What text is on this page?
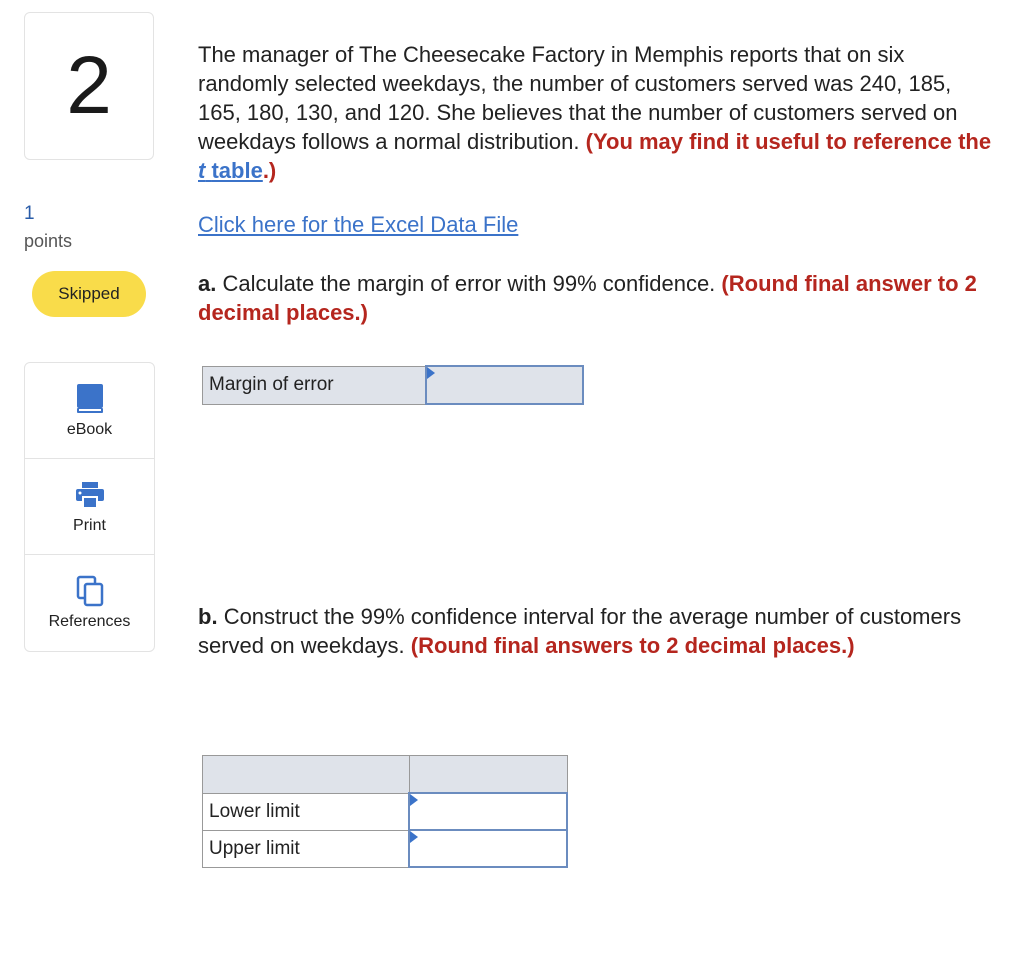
2
1
points
Skipped
eBook
Print
References

The manager of The Cheesecake Factory in Memphis reports that on six randomly selected weekdays, the number of customers served was 240, 185, 165, 180, 130, and 120. She believes that the number of customers served on weekdays follows a normal distribution. (You may find it useful to reference the t table.)

Click here for the Excel Data File
a. Calculate the margin of error with 99% confidence. (Round final answer to 2 decimal places.)
Margin of error	
b. Construct the 99% confidence interval for the average number of customers served on weekdays. (Round final answers to 2 decimal places.)

Lower limit	

Upper limit	
